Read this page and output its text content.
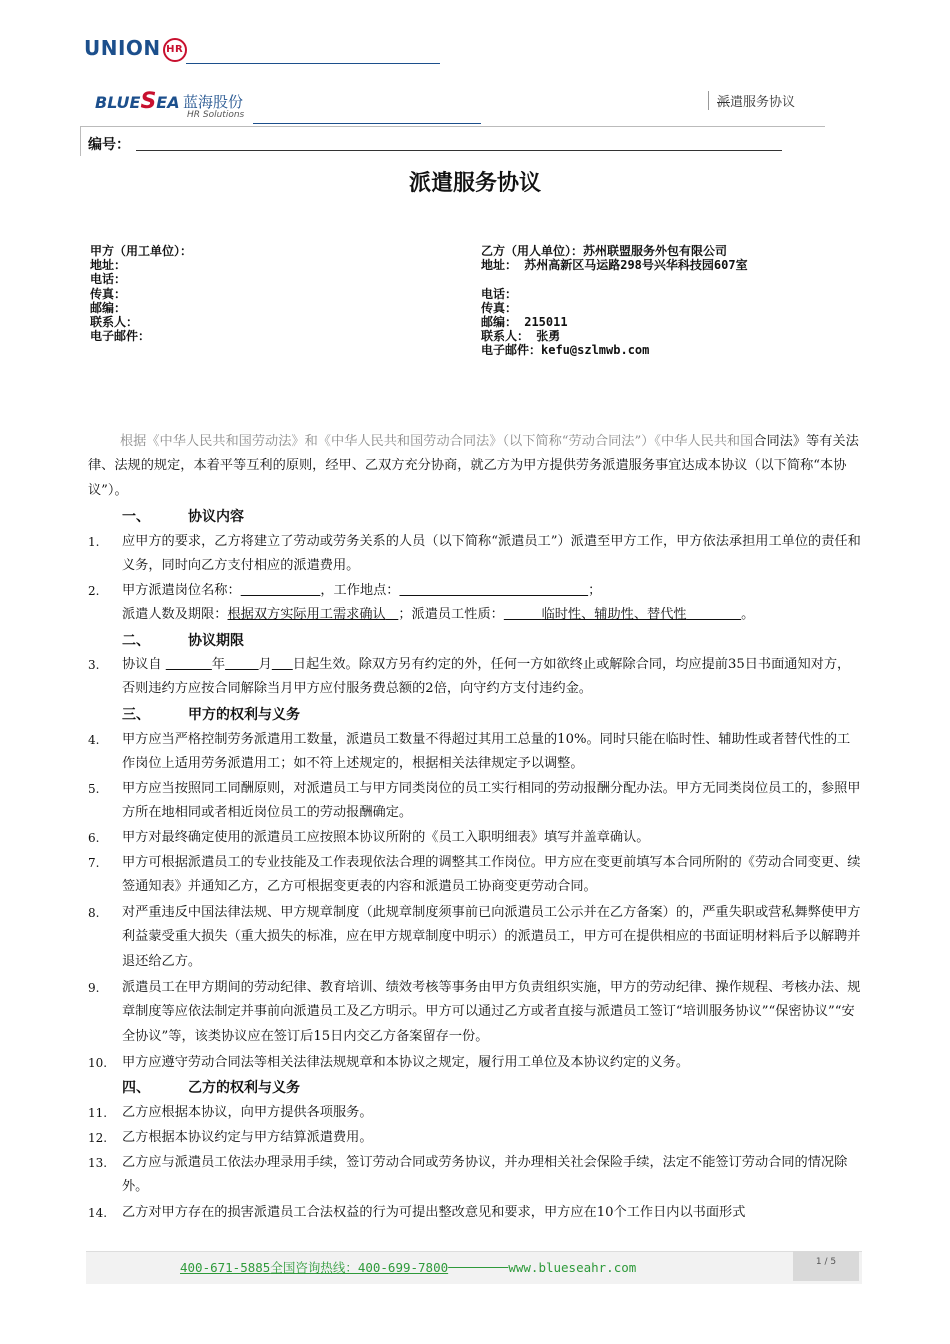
UNION HR
BLUESEA 蓝海股份
HR Solutions
派遣服务协议
编号：
派遣服务协议
甲方（用工单位）：
地址：
电话：
传真：
邮编：
联系人：
电子邮件：
乙方（用人单位）：苏州联盟服务外包有限公司
地址： 苏州高新区马运路298号兴华科技园607室

电话：
传真：
邮编： 215011
联系人： 张勇
电子邮件：kefu@szlmwb.com
根据《中华人民共和国劳动法》和《中华人民共和国劳动合同法》（以下简称“劳动合同法”）《中华人民共和国合同法》等有关法律、法规的规定，本着平等互利的原则，经甲、乙双方充分协商，就乙方为甲方提供劳务派遣服务事宜达成本协议（以下简称“本协议”）。
一、	协议内容
1.	应甲方的要求，乙方将建立了劳动或劳务关系的人员（以下简称“派遣员工”）派遣至甲方工作，甲方依法承担用工单位的责任和义务，同时向乙方支付相应的派遣费用。
2.	甲方派遣岗位名称：	，工作地点：	；
派遣人数及期限：根据双方实际用工需求确认 ；派遣员工性质：	临时性、辅助性、替代性	。
二、	协议期限
3.	协议自	年	月 日起生效。除双方另有约定的外，任何一方如欲终止或解除合同，均应提前35日书面通知对方，否则违约方应按合同解除当月甲方应付服务费总额的2倍，向守约方支付违约金。
三、	甲方的权利与义务
4.	甲方应当严格控制劳务派遣用工数量，派遣员工数量不得超过其用工总量的10%。同时只能在临时性、辅助性或者替代性的工作岗位上适用劳务派遣用工；如不符上述规定的，根据相关法律规定予以调整。
5.	甲方应当按照同工同酬原则，对派遣员工与甲方同类岗位的员工实行相同的劳动报酬分配办法。甲方无同类岗位员工的，参照甲方所在地相同或者相近岗位员工的劳动报酬确定。
6.	甲方对最终确定使用的派遣员工应按照本协议所附的《员工入职明细表》填写并盖章确认。
7.	甲方可根据派遣员工的专业技能及工作表现依法合理的调整其工作岗位。甲方应在变更前填写本合同所附的《劳动合同变更、续签通知表》并通知乙方，乙方可根据变更表的内容和派遣员工协商变更劳动合同。
8.	对严重违反中国法律法规、甲方规章制度（此规章制度须事前已向派遣员工公示并在乙方备案）的，严重失职或营私舞弊使甲方利益蒙受重大损失（重大损失的标准，应在甲方规章制度中明示）的派遣员工，甲方可在提供相应的书面证明材料后予以解聘并退还给乙方。
9.	派遣员工在甲方期间的劳动纪律、教育培训、绩效考核等事务由甲方负责组织实施，甲方的劳动纪律、操作规程、考核办法、规章制度等应依法制定并事前向派遣员工及乙方明示。甲方可以通过乙方或者直接与派遣员工签订“培训服务协议”“保密协议”“安全协议”等，该类协议应在签订后15日内交乙方备案留存一份。
10.	甲方应遵守劳动合同法等相关法律法规规章和本协议之规定，履行用工单位及本协议约定的义务。
四、	乙方的权利与义务
11.	乙方应根据本协议，向甲方提供各项服务。
12.	乙方根据本协议约定与甲方结算派遣费用。
13.	乙方应与派遣员工依法办理录用手续，签订劳动合同或劳务协议，并办理相关社会保险手续，法定不能签订劳动合同的情况除外。
14.	乙方对甲方存在的损害派遣员工合法权益的行为可提出整改意见和要求，甲方应在10个工作日内以书面形式
400-671-5885全国咨询热线：400-699-7800	www.blueseahr.com	1 / 5
